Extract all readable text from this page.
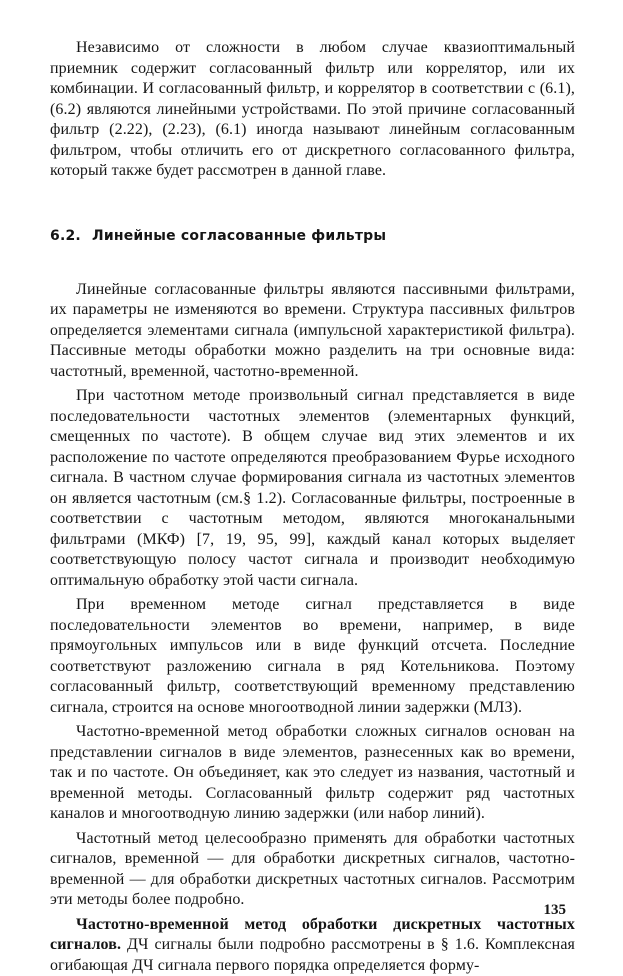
Независимо от сложности в любом случае квазиоптимальный приемник содержит согласованный фильтр или коррелятор, или их комбинации. И согласованный фильтр, и коррелятор в соответствии с (6.1), (6.2) являются линейными устройствами. По этой причине согласованный фильтр (2.22), (2.23), (6.1) иногда называют линейным согласованным фильтром, чтобы отличить его от дискретного согласованного фильтра, который также будет рассмотрен в данной главе.

6.2. Линейные согласованные фильтры

Линейные согласованные фильтры являются пассивными фильтрами, их параметры не изменяются во времени. Структура пассивных фильтров определяется элементами сигнала (импульсной характеристикой фильтра). Пассивные методы обработки можно разделить на три основные вида: частотный, временной, частотно-временной.

При частотном методе произвольный сигнал представляется в виде последовательности частотных элементов (элементарных функций, смещенных по частоте). В общем случае вид этих элементов и их расположение по частоте определяются преобразованием Фурье исходного сигнала. В частном случае формирования сигнала из частотных элементов он является частотным (см.§ 1.2). Согласованные фильтры, построенные в соответствии с частотным методом, являются многоканальными фильтрами (МКФ) [7, 19, 95, 99], каждый канал которых выделяет соответствующую полосу частот сигнала и производит необходимую оптимальную обработку этой части сигнала.

При временном методе сигнал представляется в виде последовательности элементов во времени, например, в виде прямоугольных импульсов или в виде функций отсчета. Последние соответствуют разложению сигнала в ряд Котельникова. Поэтому согласованный фильтр, соответствующий временному представлению сигнала, строится на основе многоотводной линии задержки (МЛЗ).

Частотно-временной метод обработки сложных сигналов основан на представлении сигналов в виде элементов, разнесенных как во времени, так и по частоте. Он объединяет, как это следует из названия, частотный и временной методы. Согласованный фильтр содержит ряд частотных каналов и многоотводную линию задержки (или набор линий).

Частотный метод целесообразно применять для обработки частотных сигналов, временной — для обработки дискретных сигналов, частотно-временной — для обработки дискретных частотных сигналов. Рассмотрим эти методы более подробно.

Частотно-временной метод обработки дискретных частотных сигналов. ДЧ сигналы были подробно рассмотрены в § 1.6. Комплексная огибающая ДЧ сигнала первого порядка определяется форму-

135
